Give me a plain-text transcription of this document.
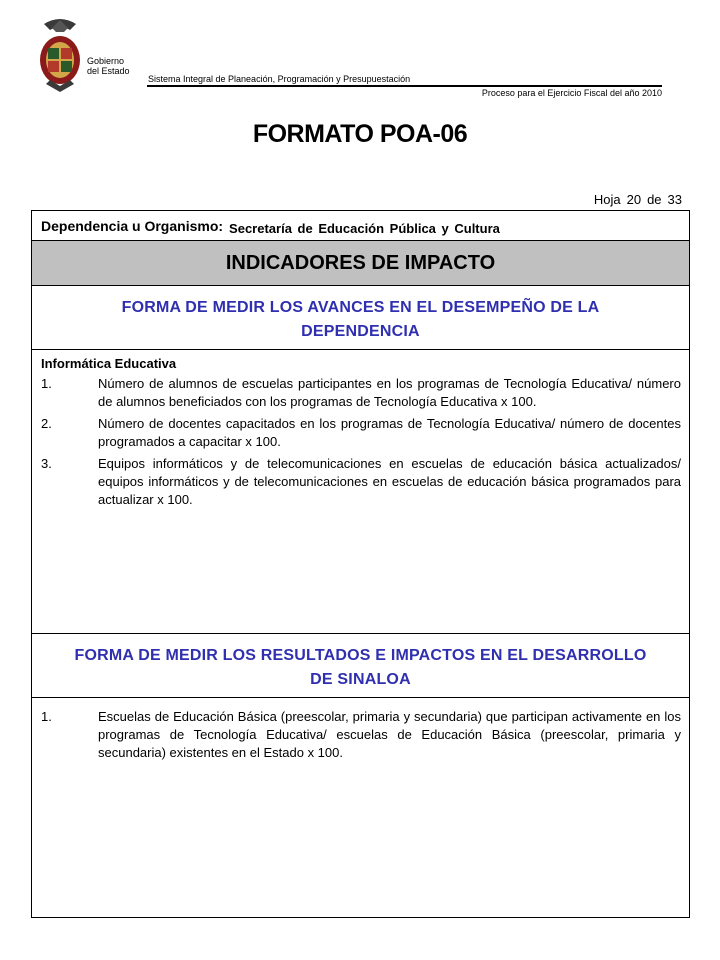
Gobierno
del Estado
Sistema Integral de Planeación, Programación y Presupuestación
Proceso para el Ejercicio Fiscal del año 2010
FORMATO POA-06
Hoja 20 de 33
Dependencia u Organismo: Secretaría de Educación Pública y Cultura
INDICADORES DE IMPACTO
FORMA DE MEDIR LOS AVANCES EN EL DESEMPEÑO DE LA DEPENDENCIA
Informática Educativa
1.	Número de alumnos de escuelas participantes en los programas de Tecnología Educativa/ número de alumnos beneficiados con los programas de Tecnología Educativa x 100.
2.	Número de docentes capacitados en los programas de Tecnología Educativa/ número de docentes programados a capacitar x 100.
3.	Equipos informáticos y de telecomunicaciones en escuelas de educación básica actualizados/ equipos informáticos y de telecomunicaciones en escuelas de educación básica programados para actualizar x 100.
FORMA DE MEDIR LOS RESULTADOS E IMPACTOS EN EL DESARROLLO DE SINALOA
1.	Escuelas de Educación Básica (preescolar, primaria y secundaria) que participan activamente en los programas de Tecnología Educativa/ escuelas de Educación Básica (preescolar, primaria y secundaria) existentes en el Estado x 100.
